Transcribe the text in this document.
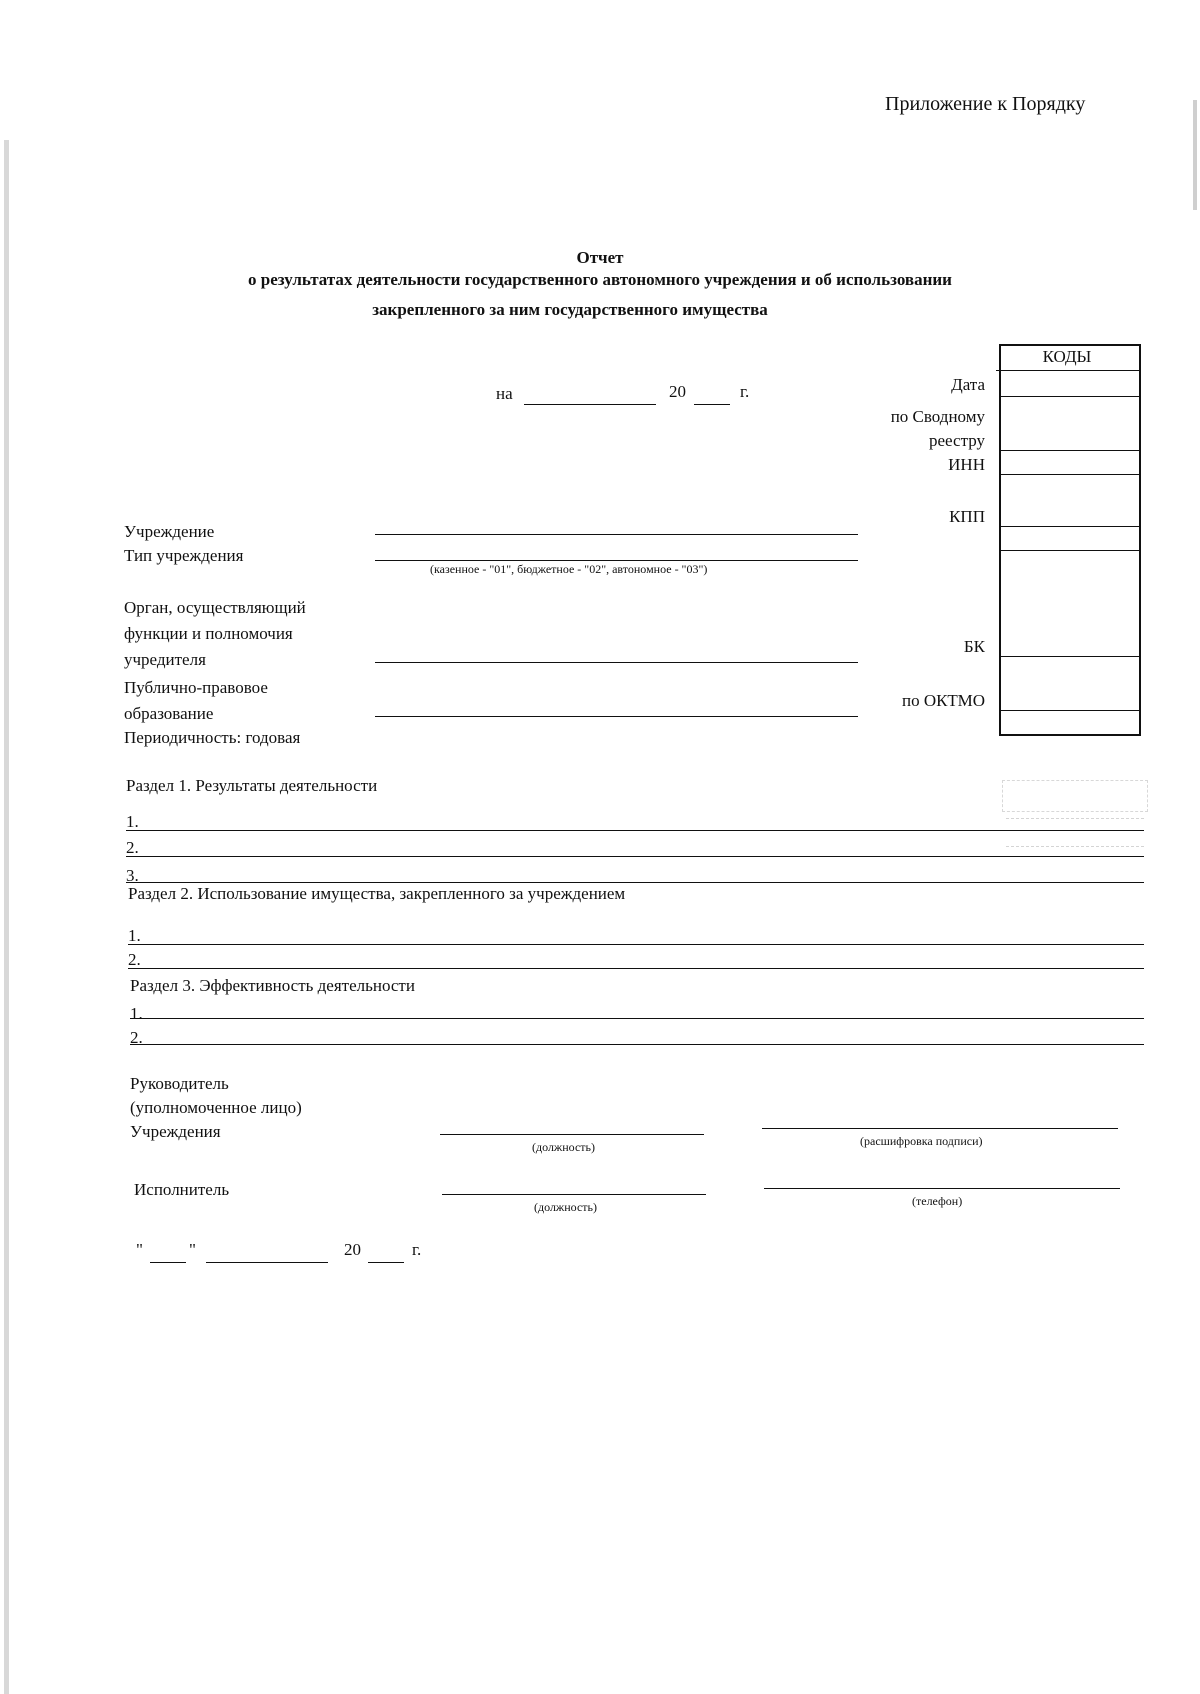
Приложение к Порядку
Отчет
о результатах деятельности государственного автономного учреждения и об использовании
закрепленного за ним государственного имущества
на	20	г.
КОДЫ
Дата
по Сводному
реестру
ИНН
КПП
БК
по ОКТМО
Учреждение
Тип учреждения
(казенное - "01", бюджетное - "02", автономное - "03")
Орган, осуществляющий
функции и полномочия
учредителя
Публично-правовое
образование
Периодичность: годовая
Раздел 1. Результаты деятельности
1.
2.
3.
Раздел 2. Использование имущества, закрепленного за учреждением
1.
2.
Раздел 3. Эффективность деятельности
1.
2.
Руководитель
(уполномоченное лицо)
Учреждения
(должность)	(расшифровка подписи)
Исполнитель
(должность)	(телефон)
"	"	20	г.
